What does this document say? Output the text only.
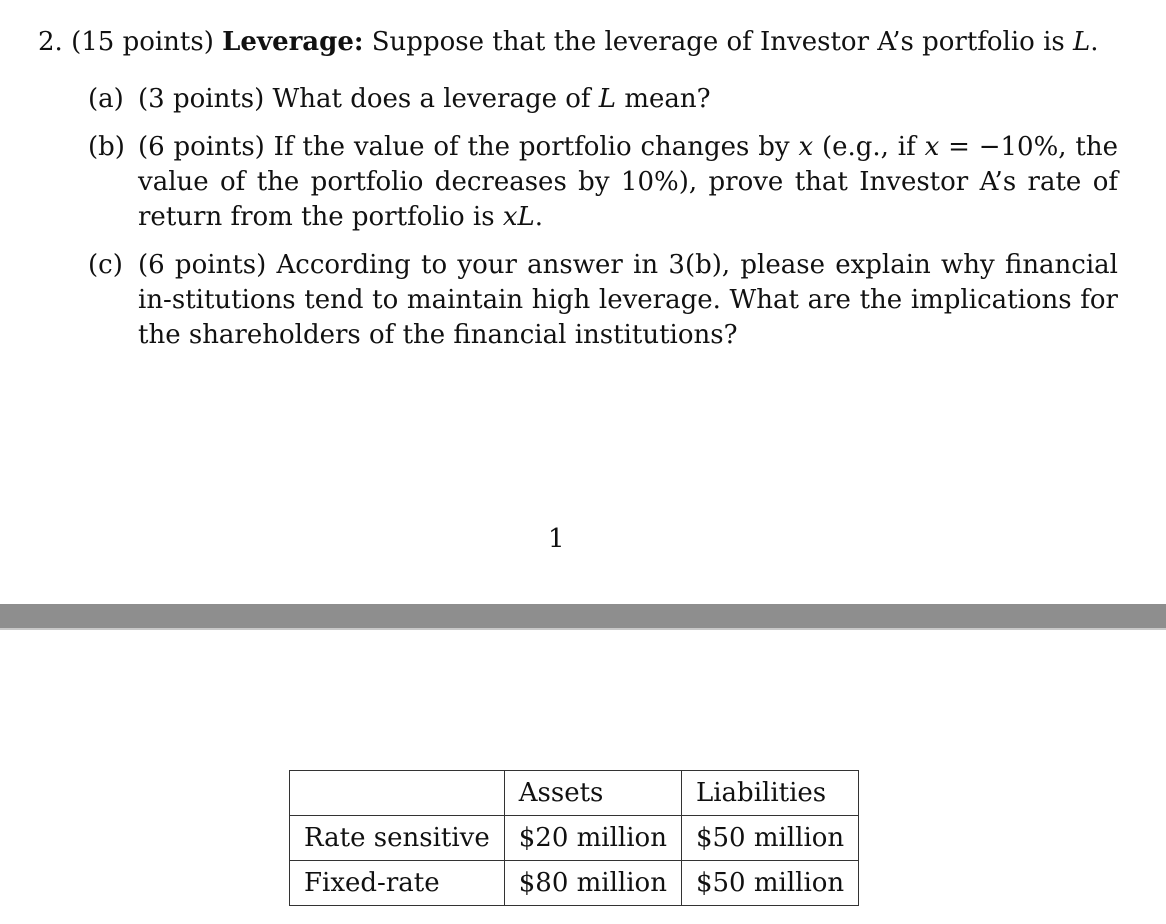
2. (15 points) Leverage: Suppose that the leverage of Investor A’s portfolio is L.
(a) (3 points) What does a leverage of L mean?
(b) (6 points) If the value of the portfolio changes by x (e.g., if x = −10%, the value of the portfolio decreases by 10%), prove that Investor A’s rate of return from the portfolio is xL.
(c) (6 points) According to your answer in 3(b), please explain why financial in-stitutions tend to maintain high leverage. What are the implications for the shareholders of the financial institutions?
1
	Assets	Liabilities
Rate sensitive	$20 million	$50 million
Fixed-rate	$80 million	$50 million
